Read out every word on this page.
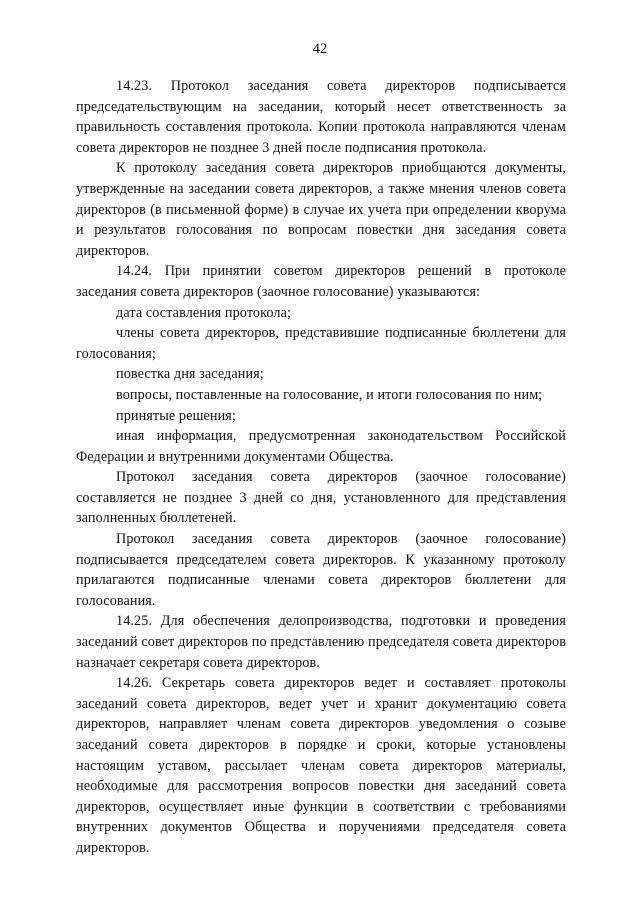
42

14.23. Протокол заседания совета директоров подписывается председательствующим на заседании, который несет ответственность за правильность составления протокола. Копии протокола направляются членам совета директоров не позднее 3 дней после подписания протокола.

К протоколу заседания совета директоров приобщаются документы, утвержденные на заседании совета директоров, а также мнения членов совета директоров (в письменной форме) в случае их учета при определении кворума и результатов голосования по вопросам повестки дня заседания совета директоров.

14.24. При принятии советом директоров решений в протоколе заседания совета директоров (заочное голосование) указываются:

дата составления протокола;

члены совета директоров, представившие подписанные бюллетени для голосования;

повестка дня заседания;

вопросы, поставленные на голосование, и итоги голосования по ним;

принятые решения;

иная информация, предусмотренная законодательством Российской Федерации и внутренними документами Общества.

Протокол заседания совета директоров (заочное голосование) составляется не позднее 3 дней со дня, установленного для представления заполненных бюллетеней.

Протокол заседания совета директоров (заочное голосование) подписывается председателем совета директоров. К указанному протоколу прилагаются подписанные членами совета директоров бюллетени для голосования.

14.25. Для обеспечения делопроизводства, подготовки и проведения заседаний совет директоров по представлению председателя совета директоров назначает секретаря совета директоров.

14.26. Секретарь совета директоров ведет и составляет протоколы заседаний совета директоров, ведет учет и хранит документацию совета директоров, направляет членам совета директоров уведомления о созыве заседаний совета директоров в порядке и сроки, которые установлены настоящим уставом, рассылает членам совета директоров материалы, необходимые для рассмотрения вопросов повестки дня заседаний совета директоров, осуществляет иные функции в соответствии с требованиями внутренних документов Общества и поручениями председателя совета директоров.
